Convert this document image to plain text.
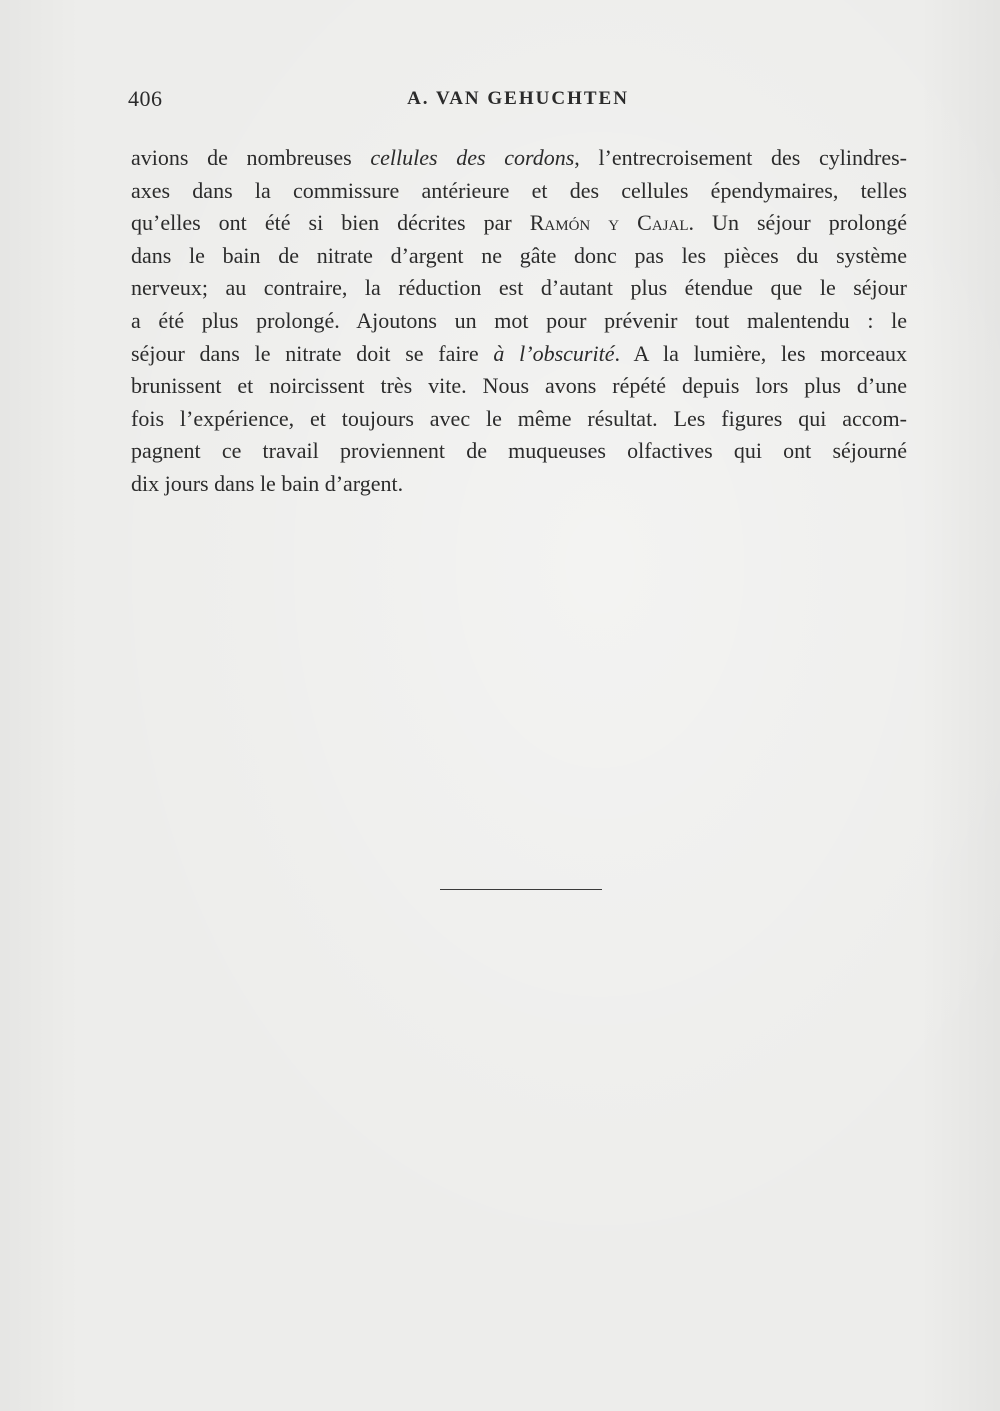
406	A. VAN GEHUCHTEN
avions de nombreuses cellules des cordons, l’entrecroisement des cylindres-
axes dans la commissure antérieure et des cellules épendymaires, telles
qu’elles ont été si bien décrites par Ramón y Cajal. Un séjour prolongé
dans le bain de nitrate d’argent ne gâte donc pas les pièces du système
nerveux; au contraire, la réduction est d’autant plus étendue que le séjour
a été plus prolongé. Ajoutons un mot pour prévenir tout malentendu : le
séjour dans le nitrate doit se faire à l’obscurité. A la lumière, les morceaux
brunissent et noircissent très vite. Nous avons répété depuis lors plus d’une
fois l’expérience, et toujours avec le même résultat. Les figures qui accom-
pagnent ce travail proviennent de muqueuses olfactives qui ont séjourné
dix jours dans le bain d’argent.
